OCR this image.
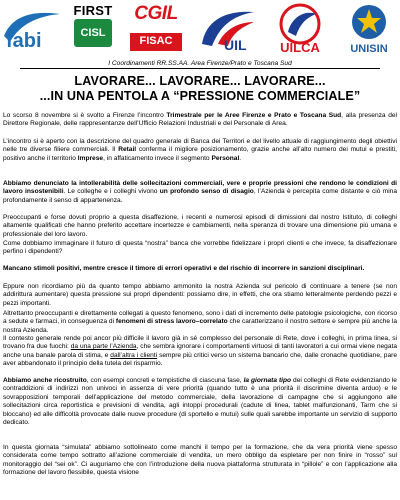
fabi
FIRST
CISL
CGIL
FISAC	UIL	UILCA	UNISIN
I Coordinamenti RR.SS.AA. Area Firenze/Prato e Toscana Sud
LAVORARE... LAVORARE... LAVORARE...
...IN UNA PENTOLA A “PRESSIONE COMMERCIALE”

Lo scorso 8 novembre si è svolto a Firenze l’incontro Trimestrale per le Aree Firenze e Prato e Toscana Sud, alla presenza del Direttore Regionale, delle rappresentanze dell’Ufficio Relazioni Industriali e del Personale di Area.

L’incontro si è aperto con la descrizione del quadro generale di Banca dei Territori e del livello attuale di raggiungimento degli obiettivi nelle tre diverse filiere commerciali. Il Retail conferma il migliore posizionamento, grazie anche all’alto numero dei mutui e prestiti, positivo anche il territorio Imprese, in affaticamento invece il segmento Personal.

Abbiamo denunciato la intollerabilità delle sollecitazioni commerciali, vere e proprie pressioni che rendono le condizioni di lavoro insostenibili. Le colleghe e i colleghi vivono un profondo senso di disagio, l’Azienda è percepita come distante e ciò mina profondamente il senso di appartenenza.

Preoccupanti e forse dovuti proprio a questa disaffezione, i recenti e numerosi episodi di dimissioni dal nostro Istituto, di colleghi altamente qualificati che hanno preferito accettare incertezze e cambiamenti, nella speranza di trovare una dimensione più umana e professionale del loro lavoro.

Come dobbiamo immaginare il futuro di questa “nostra” banca che vorrebbe fidelizzare i propri clienti e che invece, fa disaffezionare perfino i dipendenti?

Mancano stimoli positivi, mentre cresce il timore di errori operativi e del rischio di incorrere in sanzioni disciplinari.

Eppure non ricordiamo più da quanto tempo abbiamo ammonito la nostra Azienda sul pericolo di continuare a tenere (se non addirittura aumentare) questa pressione sui propri dipendenti: possiamo dire, in effetti, che ora stiamo letteralmente perdendo pezzi e pezzi importanti.

Altrettanto preoccupanti e direttamente collegati a questo fenomeno, sono i dati di incremento delle patologie psicologiche, con ricorso a sedute e farmaci, in conseguenza di fenomeni di stress lavoro–correlato che caratterizzano il nostro settore e sempre più anche la nostra Azienda.

Il contesto generale rende poi ancor più difficile il lavoro già in sé complesso del personale di Rete, dove i colleghi, in prima linea, si trovano fra due fuochi: da una parte l’Azienda, che sembra ignorare i comportamenti virtuosi di tanti lavoratori a cui ormai viene negata anche una banale parola di stima, e dall’altra i clienti sempre più critici verso un sistema bancario che, dalle cronache quotidiane, pare aver abbandonato il principio della tutela del risparmio.

Abbiamo anche ricostruito, con esempi concreti e tempistiche di ciascuna fase, la giornata tipo dei colleghi di Rete evidenziando le contraddizioni di indirizzi non univoci in assenza di vere priorità (quando tutto è una priorità il discrimine diventa arduo) e le sovrapposizioni temporali dell’applicazione del metodo commerciale, della lavorazione di campagne che si aggiungono alle sollecitazioni circa reportistica e previsioni di vendita, agli intoppi procedurali (cadute di linea, tablet malfunzionanti, Tarm che si bloccano) ed alle difficoltà provocate dalle nuove procedure (di sportello e mutui) sulle quali sarebbe importante un servizio di supporto dedicato.

In questa giornata “simulata” abbiamo sottolineato come manchi il tempo per la formazione, che da vera priorità viene spesso considerata come tempo sottratto all’azione commerciale di vendita, un mero obbligo da espletare per non finire in “rosso” sul monitoraggio del “sei ok”. Ci auguriamo che con l’introduzione della nuova piattaforma strutturata in “pillole” e con l’applicazione alla formazione del lavoro flessibile, questa visione
